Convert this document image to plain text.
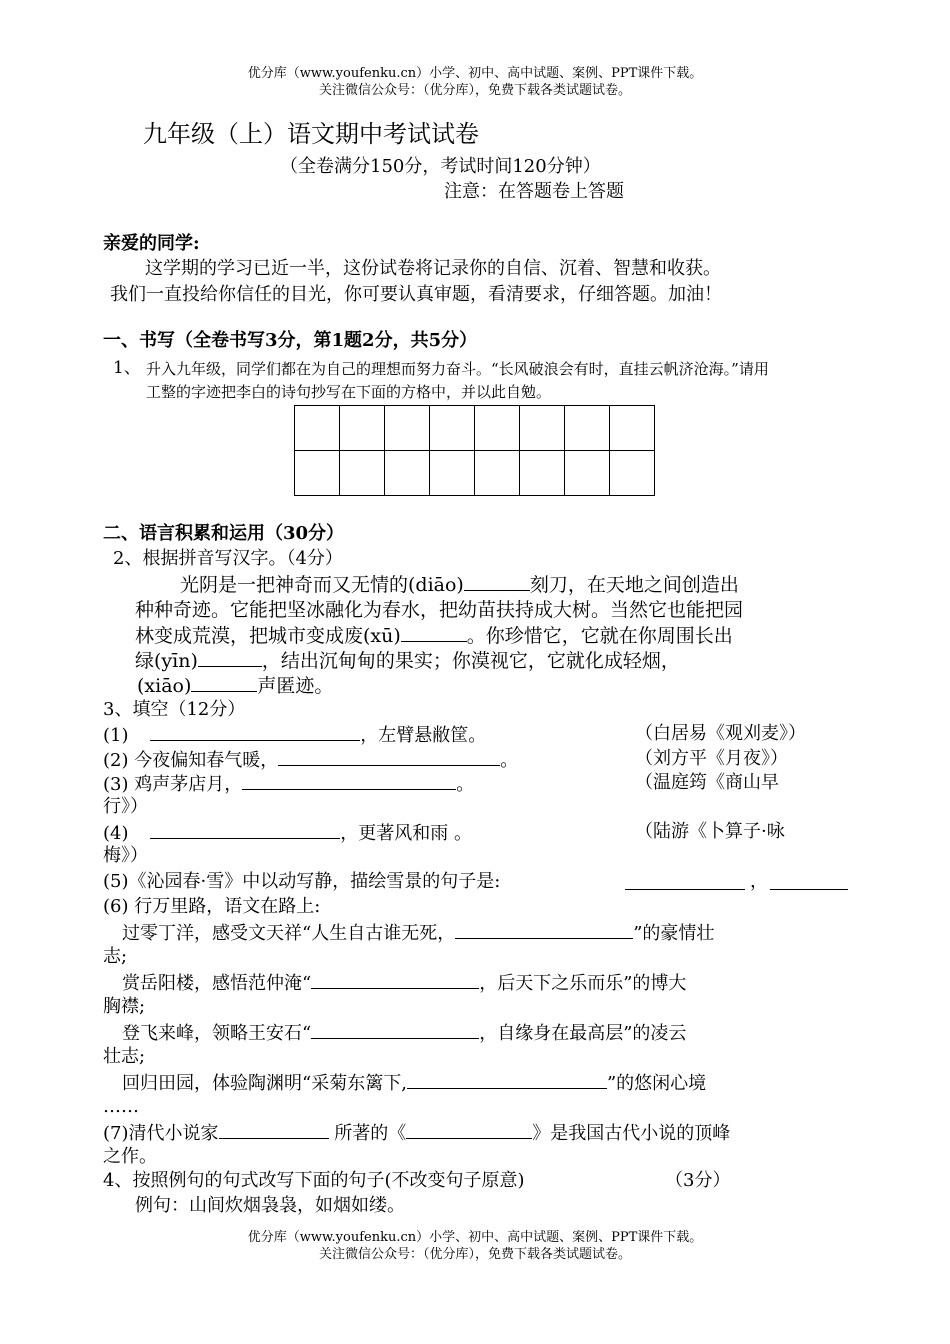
优分库（www.youfenku.cn）小学、初中、高中试题、案例、PPT课件下载。
关注微信公众号：（优分库），免费下载各类试题试卷。
九年级（上）语文期中考试试卷
（全卷满分150分，考试时间120分钟）
注意：在答题卷上答题
亲爱的同学:
这学期的学习已近一半，这份试卷将记录你的自信、沉着、智慧和收获。
我们一直投给你信任的目光，你可要认真审题，看清要求，仔细答题。加油！
一、书写（全卷书写3分，第1题2分，共5分）
1、 升入九年级，同学们都在为自己的理想而努力奋斗。“长风破浪会有时，直挂云帆济沧海。”请用
工整的字迹把李白的诗句抄写在下面的方格中，并以此自勉。

二、语言积累和运用（30分）
2、根据拼音写汉字。（4分）
光阴是一把神奇而又无情的(diāo)	刻刀，在天地之间创造出
种种奇迹。它能把坚冰融化为春水，把幼苗扶持成大树。当然它也能把园
林变成荒漠，把城市变成废(xū)	。你珍惜它，它就在你周围长出
绿(yīn)	，结出沉甸甸的果实；你漠视它，它就化成轻烟，
(xiāo)	声匿迹。
3、填空（12分）
(1)	，左臂悬敝筐。	（白居易《观刈麦》）
(2) 今夜偏知春气暖，	。	（刘方平《月夜》）
(3) 鸡声茅店月，	。	（温庭筠《商山早
行》）
(4)	，更著风和雨 。	（陆游《卜算子·咏
梅》）
(5)《沁园春·雪》中以动写静，描绘雪景的句子是:	，
(6) 行万里路，语文在路上:
过零丁洋，感受文天祥“人生自古谁无死，	”的豪情壮
志;
赏岳阳楼，感悟范仲淹“	，后天下之乐而乐”的博大
胸襟;
登飞来峰，领略王安石“	，自缘身在最高层”的凌云
壮志;
回归田园，体验陶渊明“采菊东篱下,	”的悠闲心境
……
(7)清代小说家	所著的《	》是我国古代小说的顶峰
之作。
4、按照例句的句式改写下面的句子(不改变句子原意)	（3分）
例句：山间炊烟袅袅，如烟如缕。
优分库（www.youfenku.cn）小学、初中、高中试题、案例、PPT课件下载。
关注微信公众号：（优分库），免费下载各类试题试卷。
